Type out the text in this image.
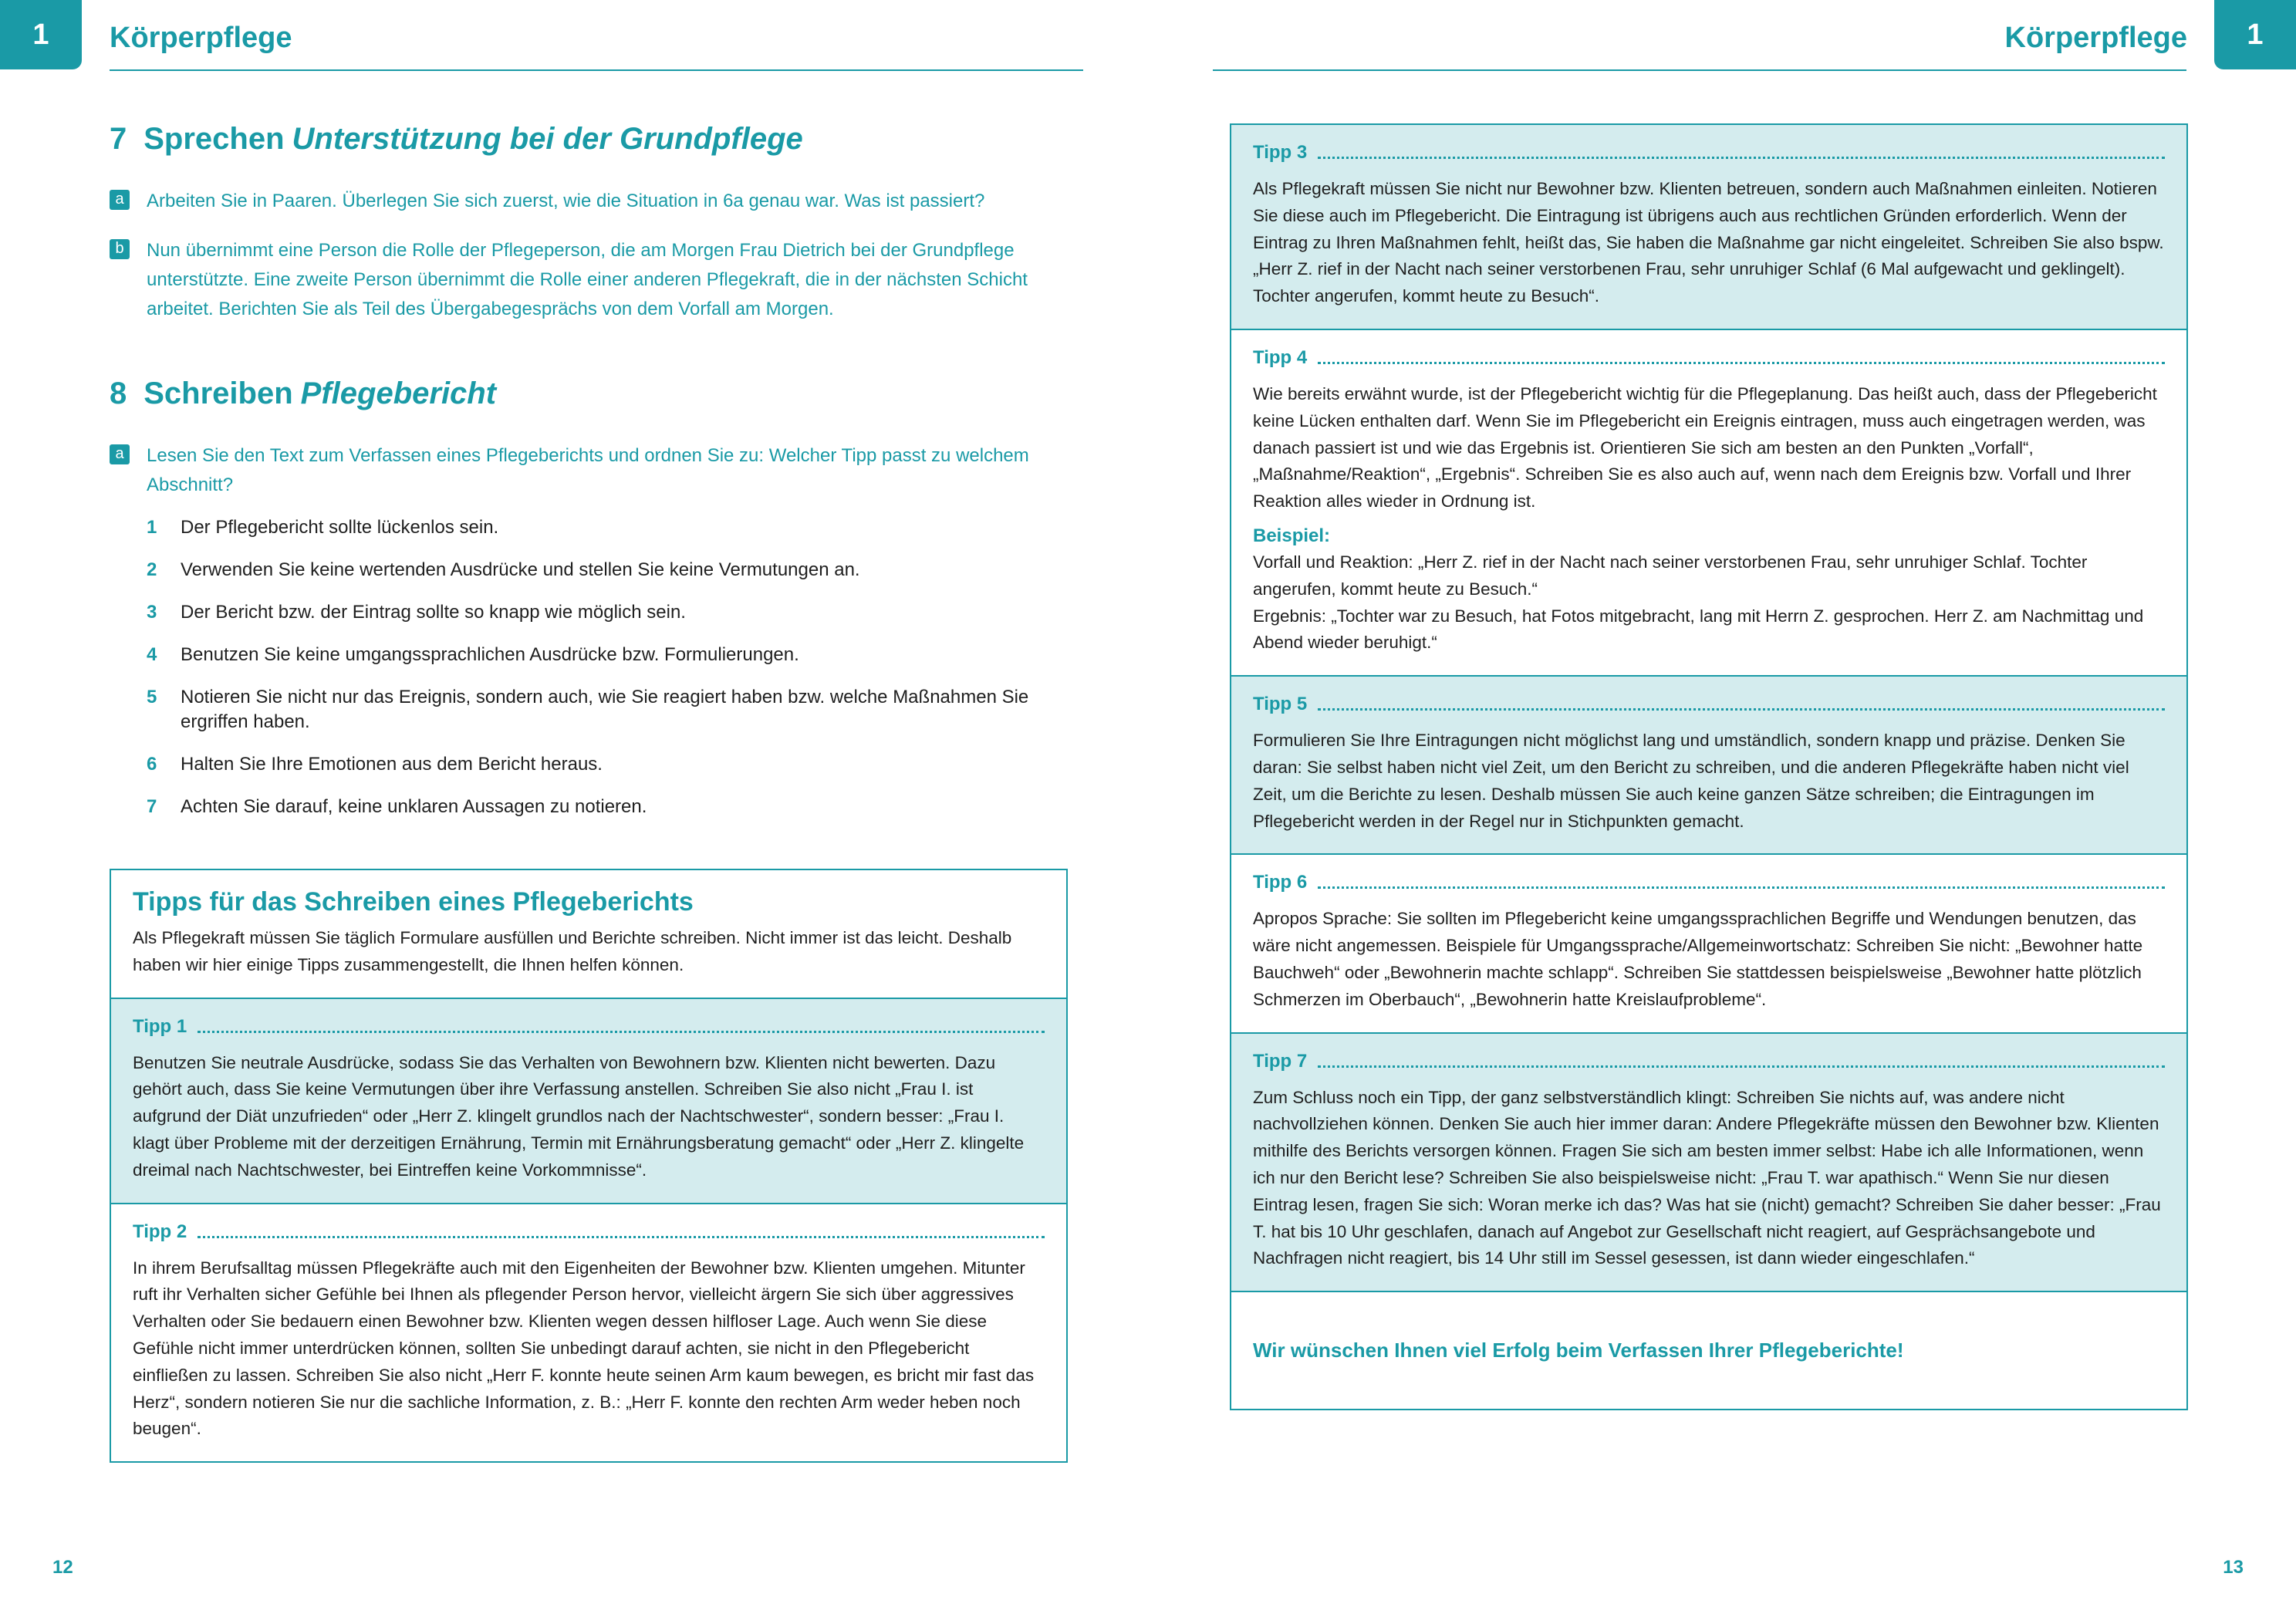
1 Körperpflege	1
Körperpflege
7 Sprechen Unterstützung bei der Grundpflege
a	Arbeiten Sie in Paaren. Überlegen Sie sich zuerst, wie die Situation in 6a genau war. Was ist passiert?
b	Nun übernimmt eine Person die Rolle der Pflegeperson, die am Morgen Frau Dietrich bei der Grundpflege unterstützte. Eine zweite Person übernimmt die Rolle einer anderen Pflegekraft, die in der nächsten Schicht arbeitet. Berichten Sie als Teil des Übergabegesprächs von dem Vorfall am Morgen.
8 Schreiben Pflegebericht
a	Lesen Sie den Text zum Verfassen eines Pflegeberichts und ordnen Sie zu: Welcher Tipp passt zu welchem Abschnitt?
1	Der Pflegebericht sollte lückenlos sein.
2	Verwenden Sie keine wertenden Ausdrücke und stellen Sie keine Vermutungen an.
3	Der Bericht bzw. der Eintrag sollte so knapp wie möglich sein.
4	Benutzen Sie keine umgangssprachlichen Ausdrücke bzw. Formulierungen.
5	Notieren Sie nicht nur das Ereignis, sondern auch, wie Sie reagiert haben bzw. welche Maßnahmen Sie ergriffen haben.
6	Halten Sie Ihre Emotionen aus dem Bericht heraus.
7	Achten Sie darauf, keine unklaren Aussagen zu notieren.
Tipps für das Schreiben eines Pflegeberichts
Als Pflegekraft müssen Sie täglich Formulare ausfüllen und Berichte schreiben. Nicht immer ist das leicht. Deshalb haben wir hier einige Tipps zusammengestellt, die Ihnen helfen können.
Tipp 1
Benutzen Sie neutrale Ausdrücke, sodass Sie das Verhalten von Bewohnern bzw. Klienten nicht bewerten. Dazu gehört auch, dass Sie keine Vermutungen über ihre Verfassung anstellen. Schreiben Sie also nicht „Frau I. ist aufgrund der Diät unzufrieden“ oder „Herr Z. klingelt grundlos nach der Nachtschwester“, sondern besser: „Frau I. klagt über Probleme mit der derzeitigen Ernährung, Termin mit Ernährungsberatung gemacht“ oder „Herr Z. klingelte dreimal nach Nachtschwester, bei Eintreffen keine Vorkommnisse“.
Tipp 2
In ihrem Berufsalltag müssen Pflegekräfte auch mit den Eigenheiten der Bewohner bzw. Klienten umgehen. Mitunter ruft ihr Verhalten sicher Gefühle bei Ihnen als pflegender Person hervor, vielleicht ärgern Sie sich über aggressives Verhalten oder Sie bedauern einen Bewohner bzw. Klienten wegen dessen hilfloser Lage. Auch wenn Sie diese Gefühle nicht immer unterdrücken können, sollten Sie unbedingt darauf achten, sie nicht in den Pflegebericht einfließen zu lassen. Schreiben Sie also nicht „Herr F. konnte heute seinen Arm kaum bewegen, es bricht mir fast das Herz“, sondern notieren Sie nur die sachliche Information, z. B.: „Herr F. konnte den rechten Arm weder heben noch beugen“.
Tipp 3
Als Pflegekraft müssen Sie nicht nur Bewohner bzw. Klienten betreuen, sondern auch Maßnahmen einleiten. Notieren Sie diese auch im Pflegebericht. Die Eintragung ist übrigens auch aus rechtlichen Gründen erforderlich. Wenn der Eintrag zu Ihren Maßnahmen fehlt, heißt das, Sie haben die Maßnahme gar nicht eingeleitet. Schreiben Sie also bspw. „Herr Z. rief in der Nacht nach seiner verstorbenen Frau, sehr unruhiger Schlaf (6 Mal aufgewacht und geklingelt). Tochter angerufen, kommt heute zu Besuch“.
Tipp 4
Wie bereits erwähnt wurde, ist der Pflegebericht wichtig für die Pflegeplanung. Das heißt auch, dass der Pflegebericht keine Lücken enthalten darf. Wenn Sie im Pflegebericht ein Ereignis eintragen, muss auch eingetragen werden, was danach passiert ist und wie das Ergebnis ist. Orientieren Sie sich am besten an den Punkten „Vorfall“, „Maßnahme/Reaktion“, „Ergebnis“. Schreiben Sie es also auch auf, wenn nach dem Ereignis bzw. Vorfall und Ihrer Reaktion alles wieder in Ordnung ist.
Beispiel:
Vorfall und Reaktion: „Herr Z. rief in der Nacht nach seiner verstorbenen Frau, sehr unruhiger Schlaf. Tochter angerufen, kommt heute zu Besuch.“
Ergebnis: „Tochter war zu Besuch, hat Fotos mitgebracht, lang mit Herrn Z. gesprochen. Herr Z. am Nachmittag und Abend wieder beruhigt.“
Tipp 5
Formulieren Sie Ihre Eintragungen nicht möglichst lang und umständlich, sondern knapp und präzise. Denken Sie daran: Sie selbst haben nicht viel Zeit, um den Bericht zu schreiben, und die anderen Pflegekräfte haben nicht viel Zeit, um die Berichte zu lesen. Deshalb müssen Sie auch keine ganzen Sätze schreiben; die Eintragungen im Pflegebericht werden in der Regel nur in Stichpunkten gemacht.
Tipp 6
Apropos Sprache: Sie sollten im Pflegebericht keine umgangssprachlichen Begriffe und Wendungen benutzen, das wäre nicht angemessen. Beispiele für Umgangssprache/Allgemeinwortschatz: Schreiben Sie nicht: „Bewohner hatte Bauchweh“ oder „Bewohnerin machte schlapp“. Schreiben Sie stattdessen beispielsweise „Bewohner hatte plötzlich Schmerzen im Oberbauch“, „Bewohnerin hatte Kreislaufprobleme“.
Tipp 7
Zum Schluss noch ein Tipp, der ganz selbstverständlich klingt: Schreiben Sie nichts auf, was andere nicht nachvollziehen können. Denken Sie auch hier immer daran: Andere Pflegekräfte müssen den Bewohner bzw. Klienten mithilfe des Berichts versorgen können. Fragen Sie sich am besten immer selbst: Habe ich alle Informationen, wenn ich nur den Bericht lese? Schreiben Sie also beispielsweise nicht: „Frau T. war apathisch.“ Wenn Sie nur diesen Eintrag lesen, fragen Sie sich: Woran merke ich das? Was hat sie (nicht) gemacht? Schreiben Sie daher besser: „Frau T. hat bis 10 Uhr geschlafen, danach auf Angebot zur Gesellschaft nicht reagiert, auf Gesprächsangebote und Nachfragen nicht reagiert, bis 14 Uhr still im Sessel gesessen, ist dann wieder eingeschlafen.“
Wir wünschen Ihnen viel Erfolg beim Verfassen Ihrer Pflegeberichte!
12	13
